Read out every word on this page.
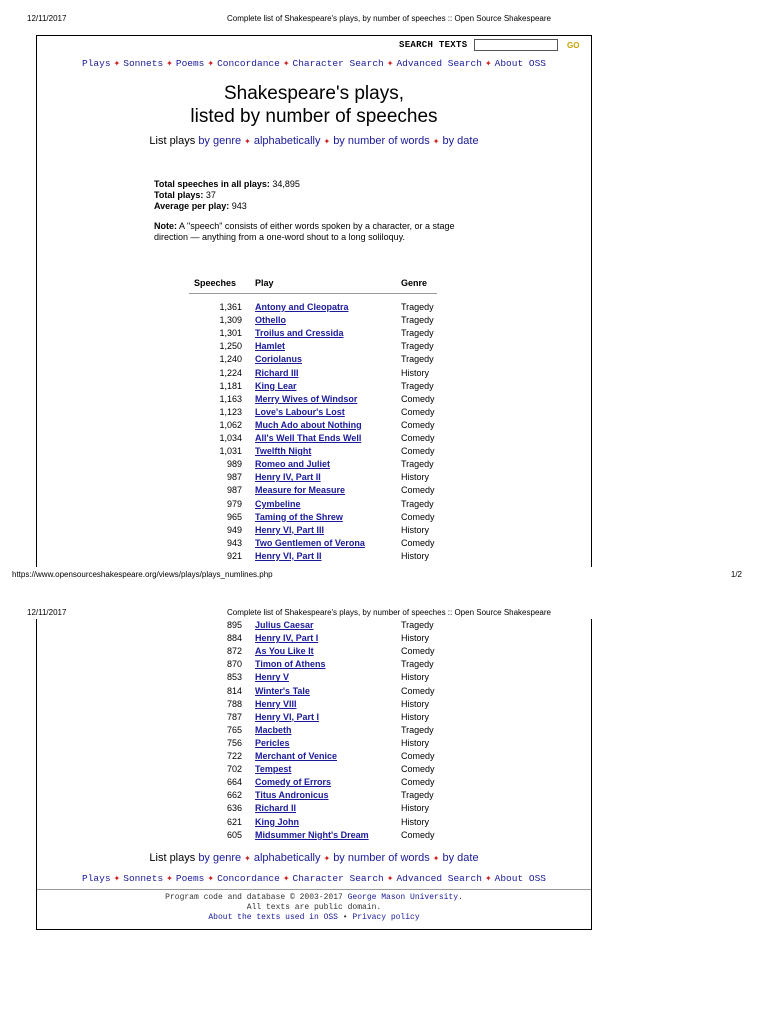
12/11/2017	Complete list of Shakespeare's plays, by number of speeches :: Open Source Shakespeare
SEARCH TEXTS	GO
Plays ✦ Sonnets ✦ Poems ✦ Concordance ✦ Character Search ✦ Advanced Search ✦ About OSS
Shakespeare's plays,
listed by number of speeches
List plays by genre ✦ alphabetically ✦ by number of words ✦ by date
Total speeches in all plays: 34,895
Total plays: 37
Average per play: 943
Note: A "speech" consists of either words spoken by a character, or a stage direction — anything from a one-word shout to a long soliloquy.
Speeches Play	Genre
1,361 Antony and Cleopatra	Tragedy
1,309 Othello	Tragedy
1,301 Troilus and Cressida	Tragedy
1,250 Hamlet	Tragedy
1,240 Coriolanus	Tragedy
1,224 Richard III	History
1,181 King Lear	Tragedy
1,163 Merry Wives of Windsor	Comedy
1,123 Love's Labour's Lost	Comedy
1,062 Much Ado about Nothing	Comedy
1,034 All's Well That Ends Well	Comedy
1,031 Twelfth Night	Comedy
989 Romeo and Juliet	Tragedy
987 Henry IV, Part II	History
987 Measure for Measure	Comedy
979 Cymbeline	Tragedy
965 Taming of the Shrew	Comedy
949 Henry VI, Part III	History
943 Two Gentlemen of Verona	Comedy
921 Henry VI, Part II	History
https://www.opensourceshakespeare.org/views/plays/plays_numlines.php	1/2
12/11/2017	Complete list of Shakespeare's plays, by number of speeches :: Open Source Shakespeare
895 Julius Caesar	Tragedy
884 Henry IV, Part I	History
872 As You Like It	Comedy
870 Timon of Athens	Tragedy
853 Henry V	History
814 Winter's Tale	Comedy
788 Henry VIII	History
787 Henry VI, Part I	History
765 Macbeth	Tragedy
756 Pericles	History
722 Merchant of Venice	Comedy
702 Tempest	Comedy
664 Comedy of Errors	Comedy
662 Titus Andronicus	Tragedy
636 Richard II	History
621 King John	History
605 Midsummer Night's Dream	Comedy
List plays by genre ✦ alphabetically ✦ by number of words ✦ by date
Plays ✦ Sonnets ✦ Poems ✦ Concordance ✦ Character Search ✦ Advanced Search ✦ About OSS
Program code and database © 2003-2017 George Mason University.
All texts are public domain.
About the texts used in OSS • Privacy policy
